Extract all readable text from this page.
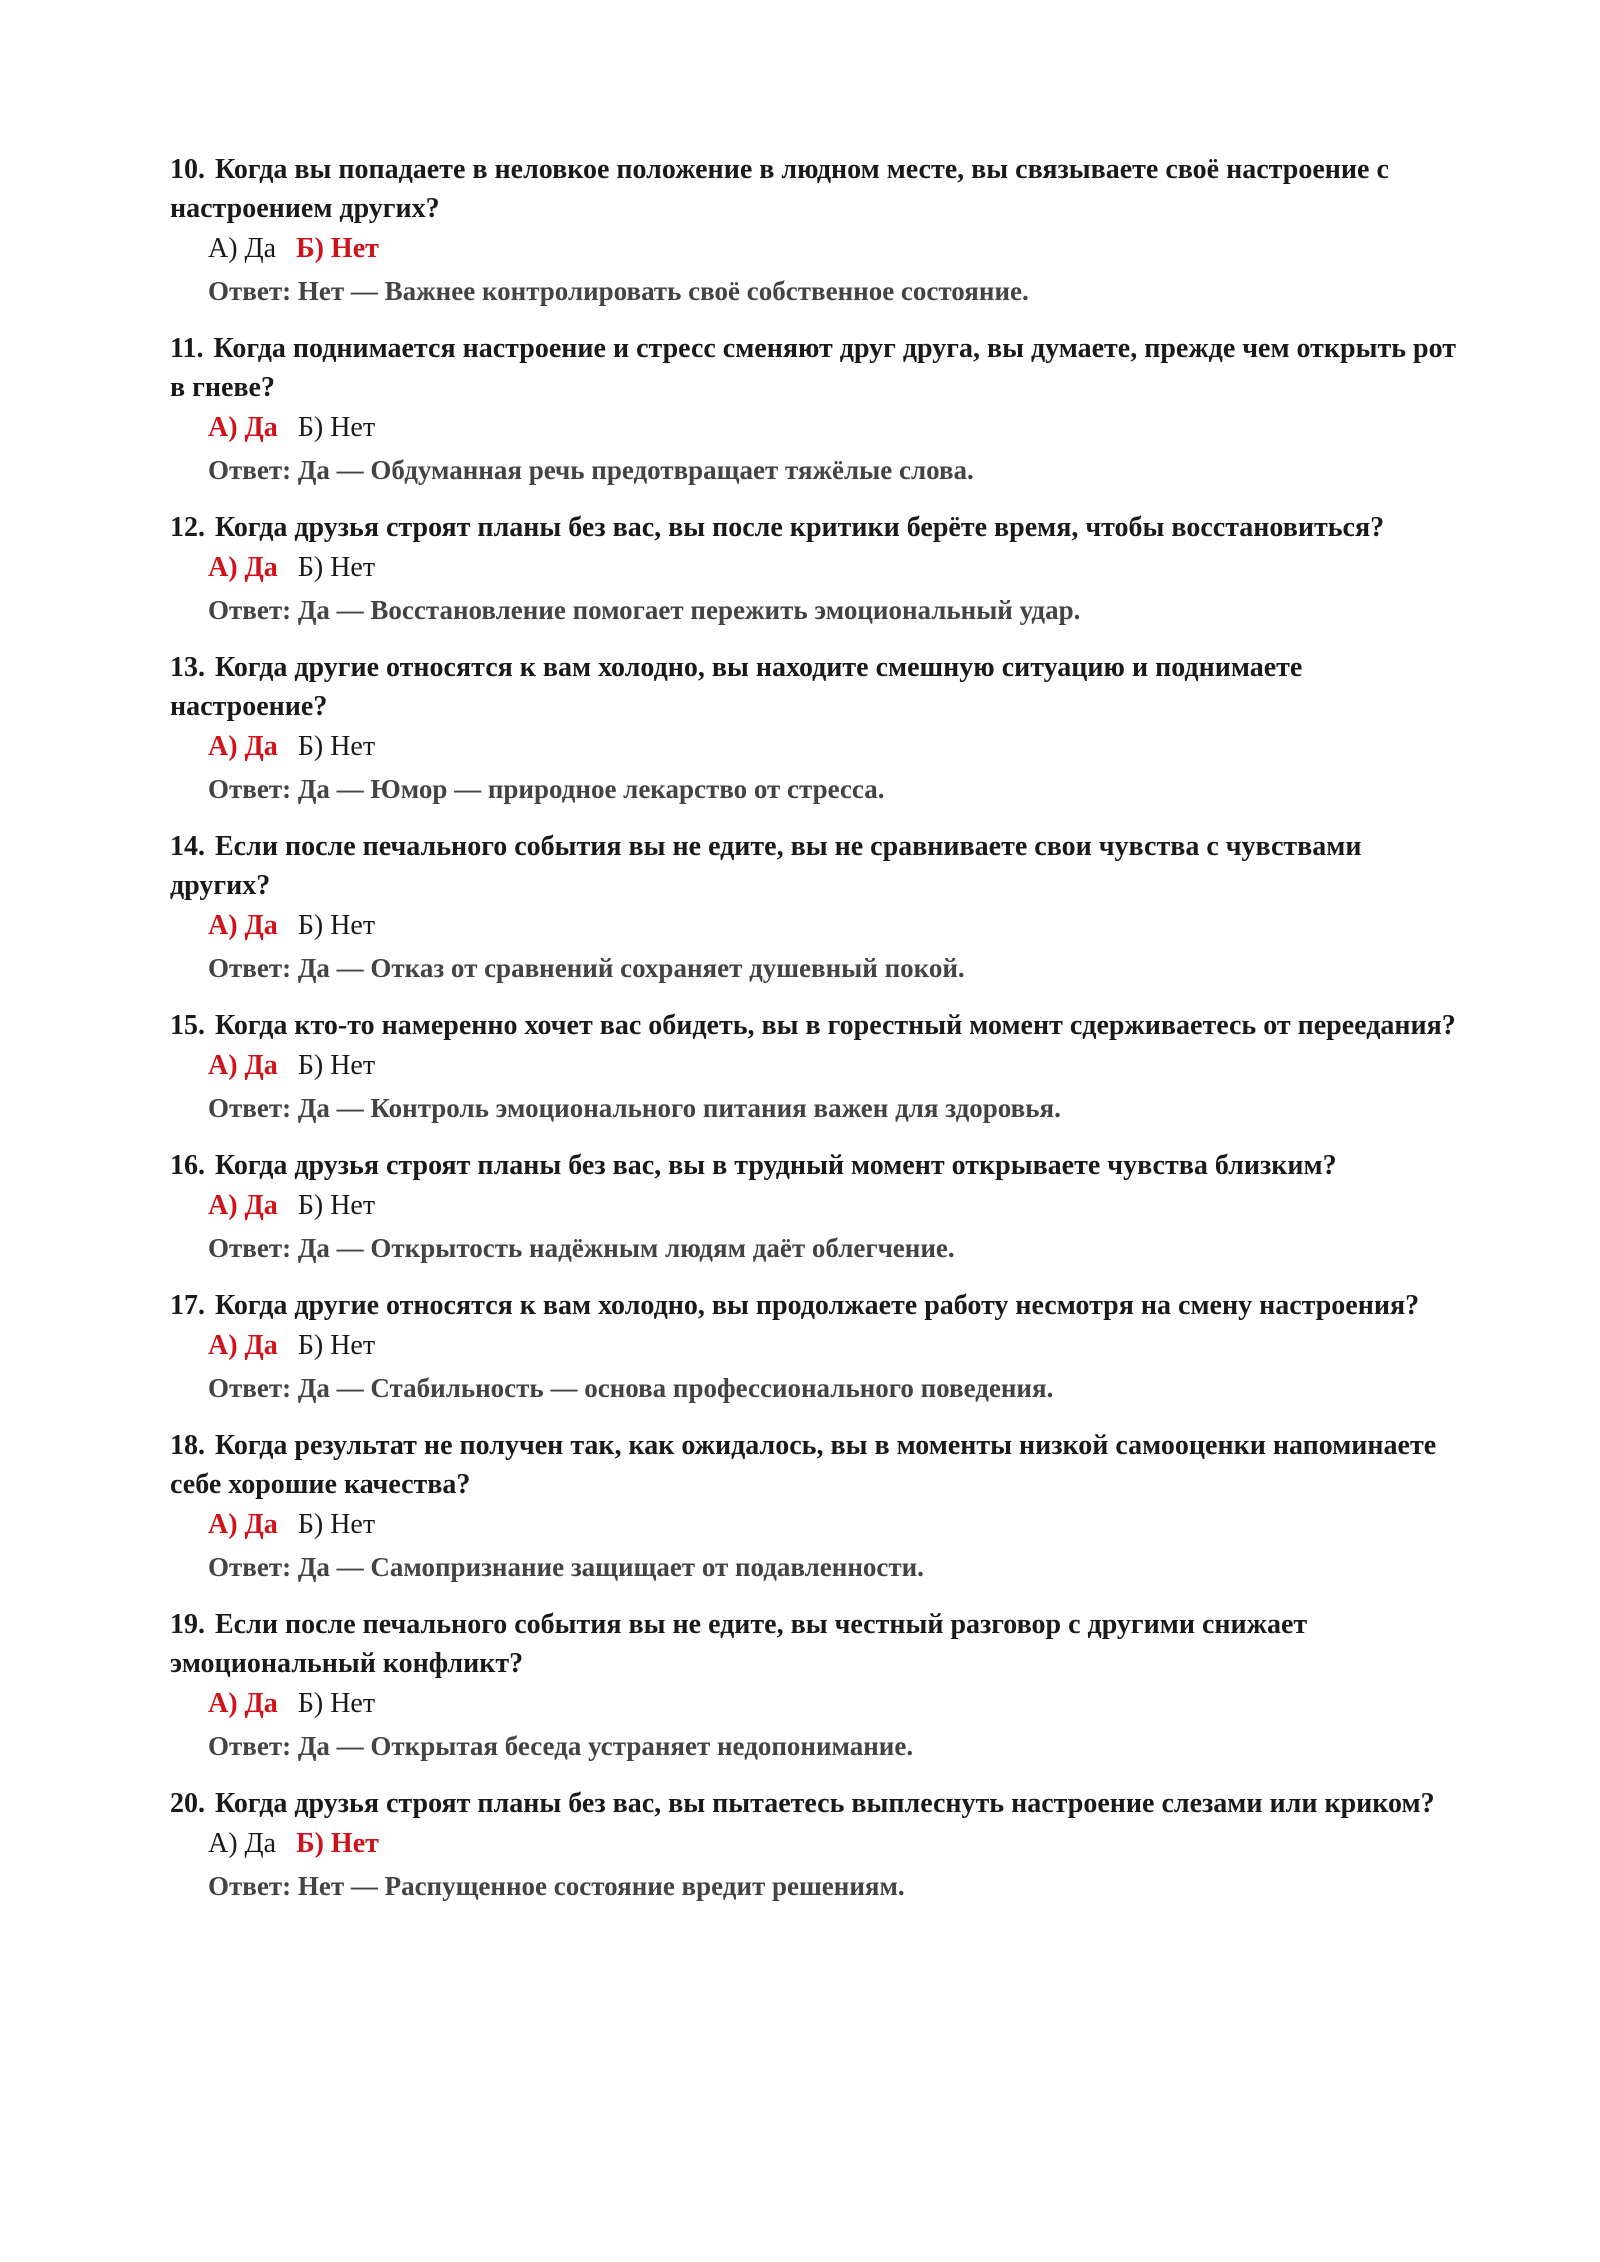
10. Когда вы попадаете в неловкое положение в людном месте, вы связываете своё настроение с настроением других?

А) Да Б) Нет
Ответ: Нет — Важнее контролировать своё собственное состояние.

11. Когда поднимается настроение и стресс сменяют друг друга, вы думаете, прежде чем открыть рот в гневе?

А) Да Б) Нет
Ответ: Да — Обдуманная речь предотвращает тяжёлые слова.

12. Когда друзья строят планы без вас, вы после критики берёте время, чтобы восстановиться?

А) Да Б) Нет
Ответ: Да — Восстановление помогает пережить эмоциональный удар.

13. Когда другие относятся к вам холодно, вы находите смешную ситуацию и поднимаете настроение?

А) Да Б) Нет
Ответ: Да — Юмор — природное лекарство от стресса.

14. Если после печального события вы не едите, вы не сравниваете свои чувства с чувствами других?

А) Да Б) Нет
Ответ: Да — Отказ от сравнений сохраняет душевный покой.

15. Когда кто-то намеренно хочет вас обидеть, вы в горестный момент сдерживаетесь от переедания?

А) Да Б) Нет
Ответ: Да — Контроль эмоционального питания важен для здоровья.

16. Когда друзья строят планы без вас, вы в трудный момент открываете чувства близким?

А) Да Б) Нет
Ответ: Да — Открытость надёжным людям даёт облегчение.

17. Когда другие относятся к вам холодно, вы продолжаете работу несмотря на смену настроения?

А) Да Б) Нет
Ответ: Да — Стабильность — основа профессионального поведения.

18. Когда результат не получен так, как ожидалось, вы в моменты низкой самооценки напоминаете себе хорошие качества?

А) Да Б) Нет
Ответ: Да — Самопризнание защищает от подавленности.

19. Если после печального события вы не едите, вы честный разговор с другими снижает эмоциональный конфликт?

А) Да Б) Нет
Ответ: Да — Открытая беседа устраняет недопонимание.

20. Когда друзья строят планы без вас, вы пытаетесь выплеснуть настроение слезами или криком?

А) Да Б) Нет
Ответ: Нет — Распущенное состояние вредит решениям.
